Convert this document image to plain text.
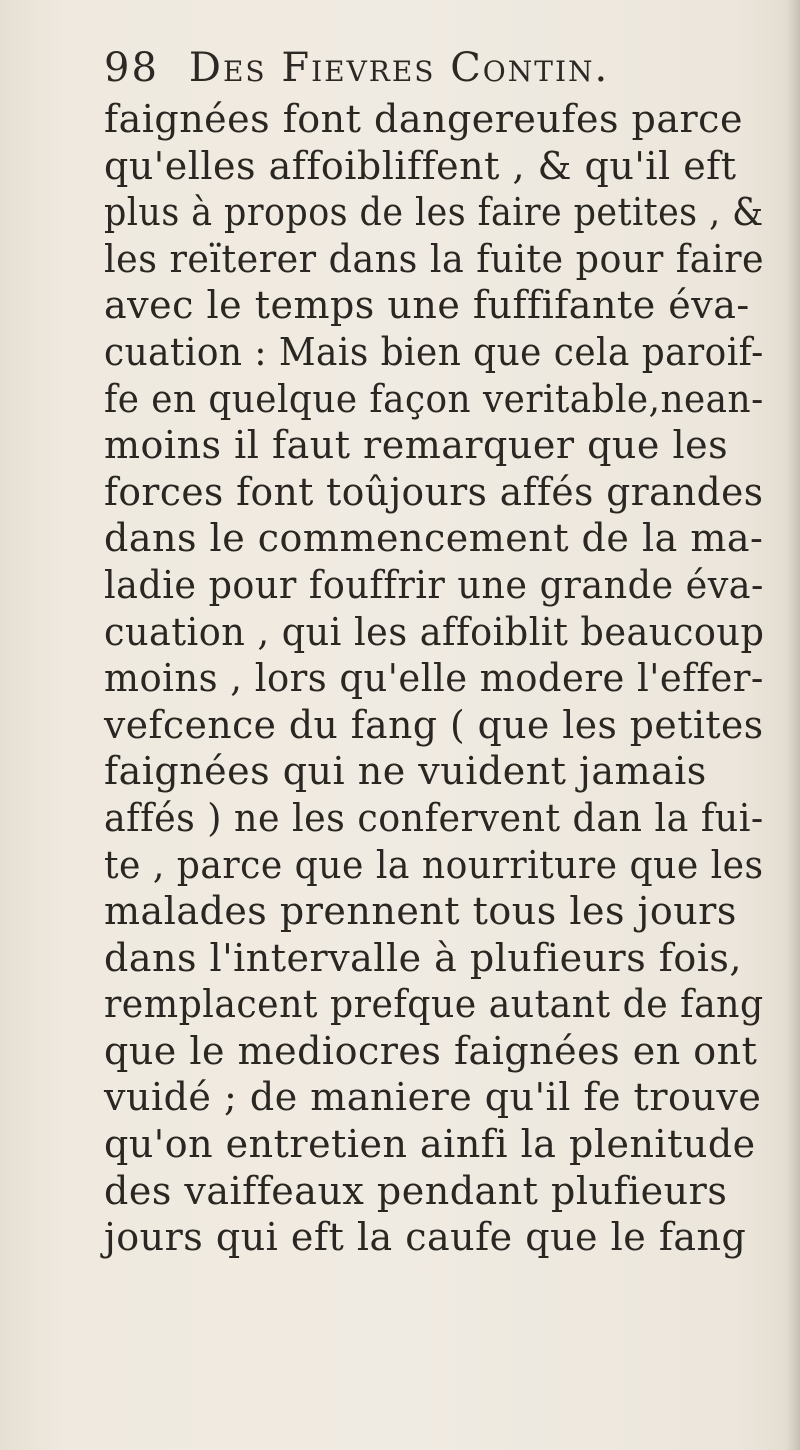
98 Des Fievres Contin.
faignées font dangereufes parce
qu'elles affoibliffent , & qu'il eft
plus à propos de les faire petites , &
les reïterer dans la fuite pour faire
avec le temps une fuffifante éva-
cuation : Mais bien que cela paroif-
fe en quelque façon veritable,nean-
moins il faut remarquer que les
forces font toûjours affés grandes
dans le commencement de la ma-
ladie pour fouffrir une grande éva-
cuation , qui les affoiblit beaucoup
moins , lors qu'elle modere l'effer-
vefcence du fang ( que les petites
faignées qui ne vuident jamais
affés ) ne les confervent dan la fui-
te , parce que la nourriture que les
malades prennent tous les jours
dans l'intervalle à plufieurs fois,
remplacent prefque autant de fang
que le mediocres faignées en ont
vuidé ; de maniere qu'il fe trouve
qu'on entretien ainfi la plenitude
des vaiffeaux pendant plufieurs
jours qui eft la caufe que le fang
